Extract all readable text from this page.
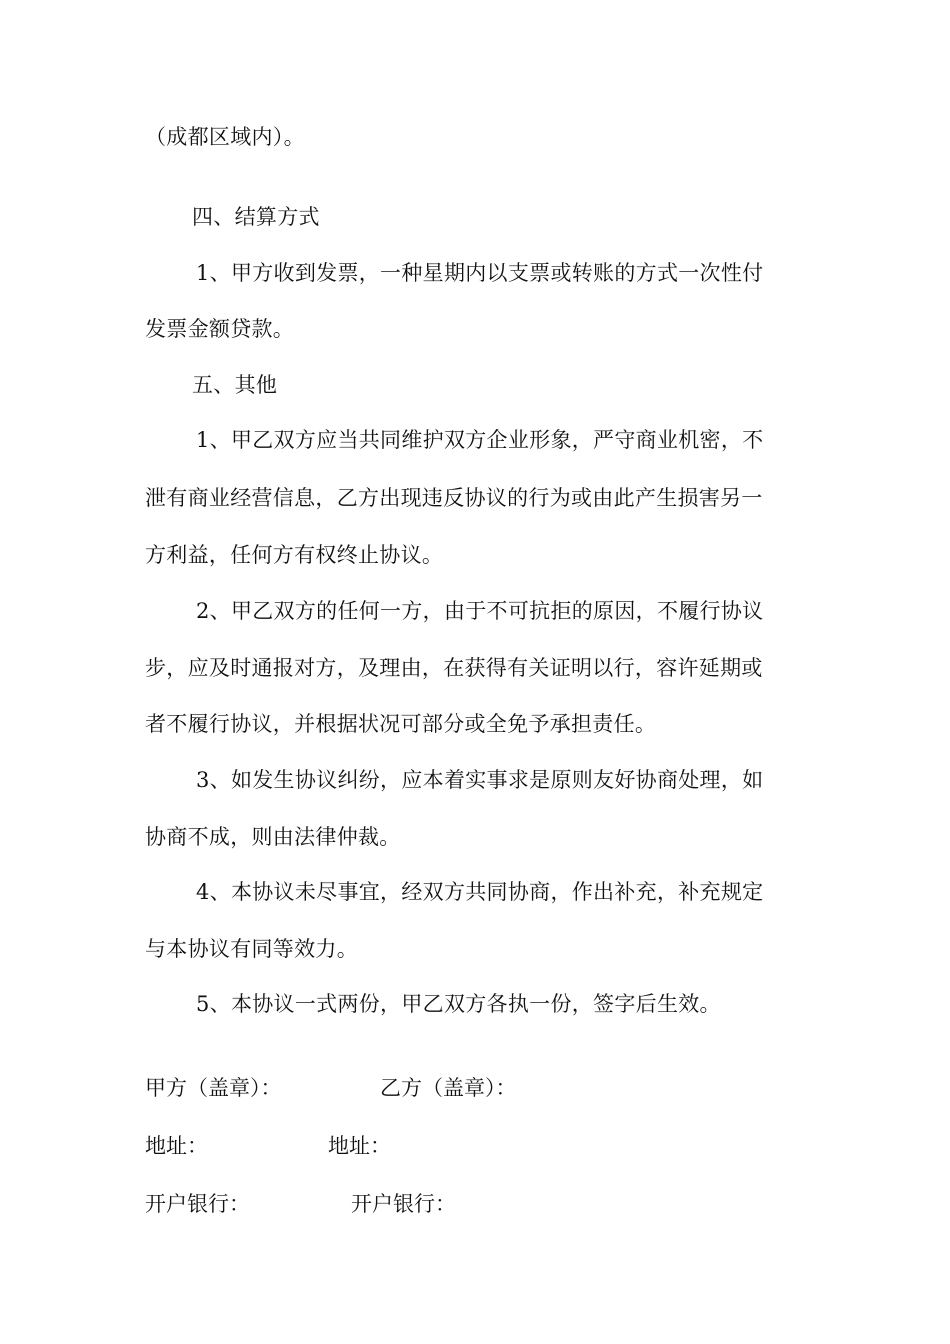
（成都区域内）。
四、结算方式
1、甲方收到发票，一种星期内以支票或转账的方式一次性付
发票金额贷款。
五、其他
1、甲乙双方应当共同维护双方企业形象，严守商业机密，不
泄有商业经营信息，乙方出现违反协议的行为或由此产生损害另一
方利益，任何方有权终止协议。
2、甲乙双方的任何一方，由于不可抗拒的原因，不履行协议
步，应及时通报对方，及理由，在获得有关证明以行，容许延期或
者不履行协议，并根据状况可部分或全免予承担责任。
3、如发生协议纠纷，应本着实事求是原则友好协商处理，如
协商不成，则由法律仲裁。
4、本协议未尽事宜，经双方共同协商，作出补充，补充规定
与本协议有同等效力。
5、本协议一式两份，甲乙双方各执一份，签字后生效。
甲方（盖章）：	乙方（盖章）：
地址：	地址：
开户银行：	开户银行：
